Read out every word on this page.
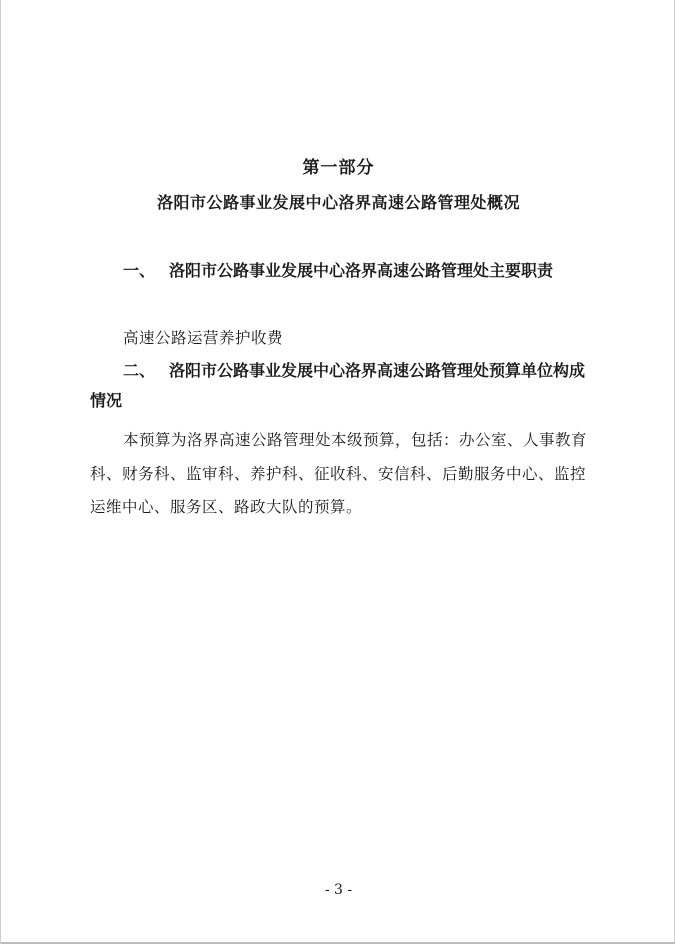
第一部分
洛阳市公路事业发展中心洛界高速公路管理处概况

一、 洛阳市公路事业发展中心洛界高速公路管理处主要职责

高速公路运营养护收费

二、 洛阳市公路事业发展中心洛界高速公路管理处预算单位构成情况

本预算为洛界高速公路管理处本级预算，包括：办公室、人事教育科、财务科、监审科、养护科、征收科、安信科、后勤服务中心、监控运维中心、服务区、路政大队的预算。

- 3 -
